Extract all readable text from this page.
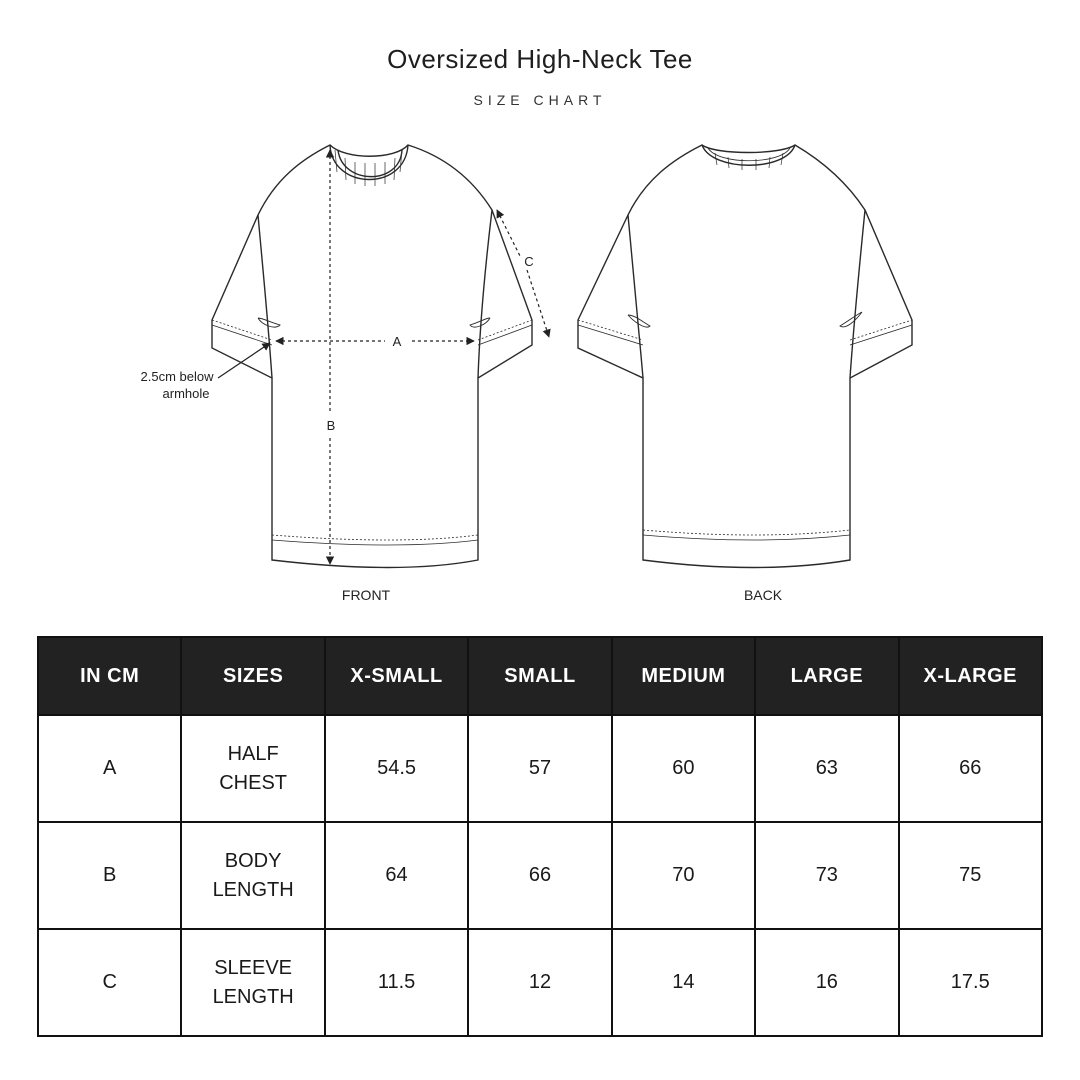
Oversized High-Neck Tee
SIZE CHART
A
B
C
2.5cm below
armhole
FRONT	BACK
IN CM	SIZES	X-SMALL	SMALL	MEDIUM	LARGE	X-LARGE
A	HALF CHEST	54.5	57	60	63	66
B	BODY LENGTH	64	66	70	73	75
C	SLEEVE LENGTH	11.5	12	14	16	17.5
